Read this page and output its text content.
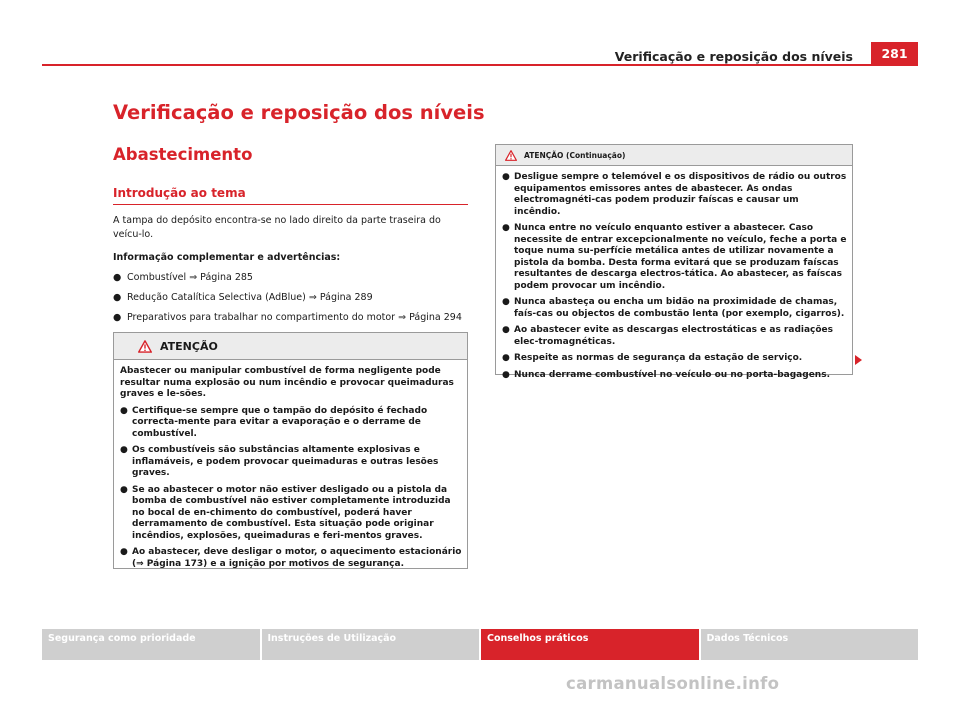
Verificação e reposição dos níveis	281
Verificação e reposição dos níveis
Abastecimento
Introdução ao tema

A tampa do depósito encontra-se no lado direito da parte traseira do veícu-lo.

Informação complementar e advertências:

● Combustível ⇒ Página 285
● Redução Catalítica Selectiva (AdBlue) ⇒ Página 289
● Preparativos para trabalhar no compartimento do motor ⇒ Página 294
ATENÇÃO

Abastecer ou manipular combustível de forma negligente pode resultar numa explosão ou num incêndio e provocar queimaduras graves e le-sões.

● Certifique-se sempre que o tampão do depósito é fechado correcta-mente para evitar a evaporação e o derrame de combustível.
● Os combustíveis são substâncias altamente explosivas e inflamáveis, e podem provocar queimaduras e outras lesões graves.
● Se ao abastecer o motor não estiver desligado ou a pistola da bomba de combustível não estiver completamente introduzida no bocal de en-chimento do combustível, poderá haver derramamento de combustível. Esta situação pode originar incêndios, explosões, queimaduras e feri-mentos graves.
● Ao abastecer, deve desligar o motor, o aquecimento estacionário (⇒ Página 173) e a ignição por motivos de segurança.
ATENÇÃO (Continuação)
● Desligue sempre o telemóvel e os dispositivos de rádio ou outros equipamentos emissores antes de abastecer. As ondas electromagnéti-cas podem produzir faíscas e causar um incêndio.
● Nunca entre no veículo enquanto estiver a abastecer. Caso necessite de entrar excepcionalmente no veículo, feche a porta e toque numa su-perfície metálica antes de utilizar novamente a pistola da bomba. Desta forma evitará que se produzam faíscas resultantes de descarga electros-tática. Ao abastecer, as faíscas podem provocar um incêndio.
● Nunca abasteça ou encha um bidão na proximidade de chamas, faís-cas ou objectos de combustão lenta (por exemplo, cigarros).
● Ao abastecer evite as descargas electrostáticas e as radiações elec-tromagnéticas.
● Respeite as normas de segurança da estação de serviço.
● Nunca derrame combustível no veículo ou no porta-bagagens.
Segurança como prioridade	Instruções de Utilização	Conselhos práticos	Dados Técnicos
carmanualsonline.info
